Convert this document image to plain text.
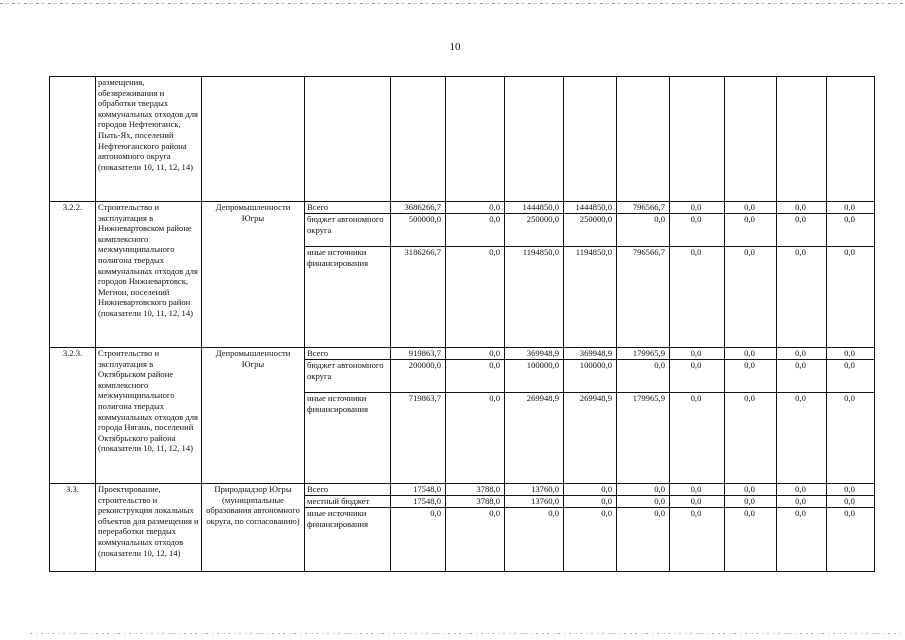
10
	размещения, обезвреживания и обработки твердых коммунальных отходов для городов Нефтеюганск, Пыть-Ях, поселений Нефтеюганского района автономного округа (показатели 10, 11, 12, 14)											
3.2.2.	Строительство и эксплуатация в Нижневартовском районе комплексного межмуниципального полигона твердых коммунальных отходов для городов Нижневартовск, Мегион, поселений Нижневартовского район (показатели 10, 11, 12, 14)	Депромышленности Югры	Всего	3686266,7	0,0	1444850,0	1444850,0	796566,7	0,0	0,0	0,0	0,0
			бюджет автономного округа	500000,0	0,0	250000,0	250000,0	0,0	0,0	0,0	0,0	0,0
			иные источники финансирования	3186266,7	0,0	1194850,0	1194850,0	796566,7	0,0	0,0	0,0	0,0
3.2.3.	Строительство и эксплуатация в Октябрьском районе комплексного межмуниципального полигона твердых коммунальных отходов для города Нягань, поселений Октябрьского района (показатели 10, 11, 12, 14)	Депромышленности Югры	Всего	919863,7	0,0	369948,9	369948,9	179965,9	0,0	0,0	0,0	0,0
			бюджет автономного округа	200000,0	0,0	100000,0	100000,0	0,0	0,0	0,0	0,0	0,0
			иные источники финансирования	719863,7	0,0	269948,9	269948,9	179965,9	0,0	0,0	0,0	0,0
3.3.	Проектирование, строительство и реконструкция локальных объектов для размещения и переработки твердых коммунальных отходов (показатели 10, 12, 14)	Природнадзор Югры (муниципальные образования автономного округа, по согласованию)	Всего	17548,0	3788,0	13760,0	0,0	0,0	0,0	0,0	0,0	0,0
			местный бюджет	17548,0	3788,0	13760,0	0,0	0,0	0,0	0,0	0,0	0,0
			иные источники финансирования	0,0	0,0	0,0	0,0	0,0	0,0	0,0	0,0	0,0
